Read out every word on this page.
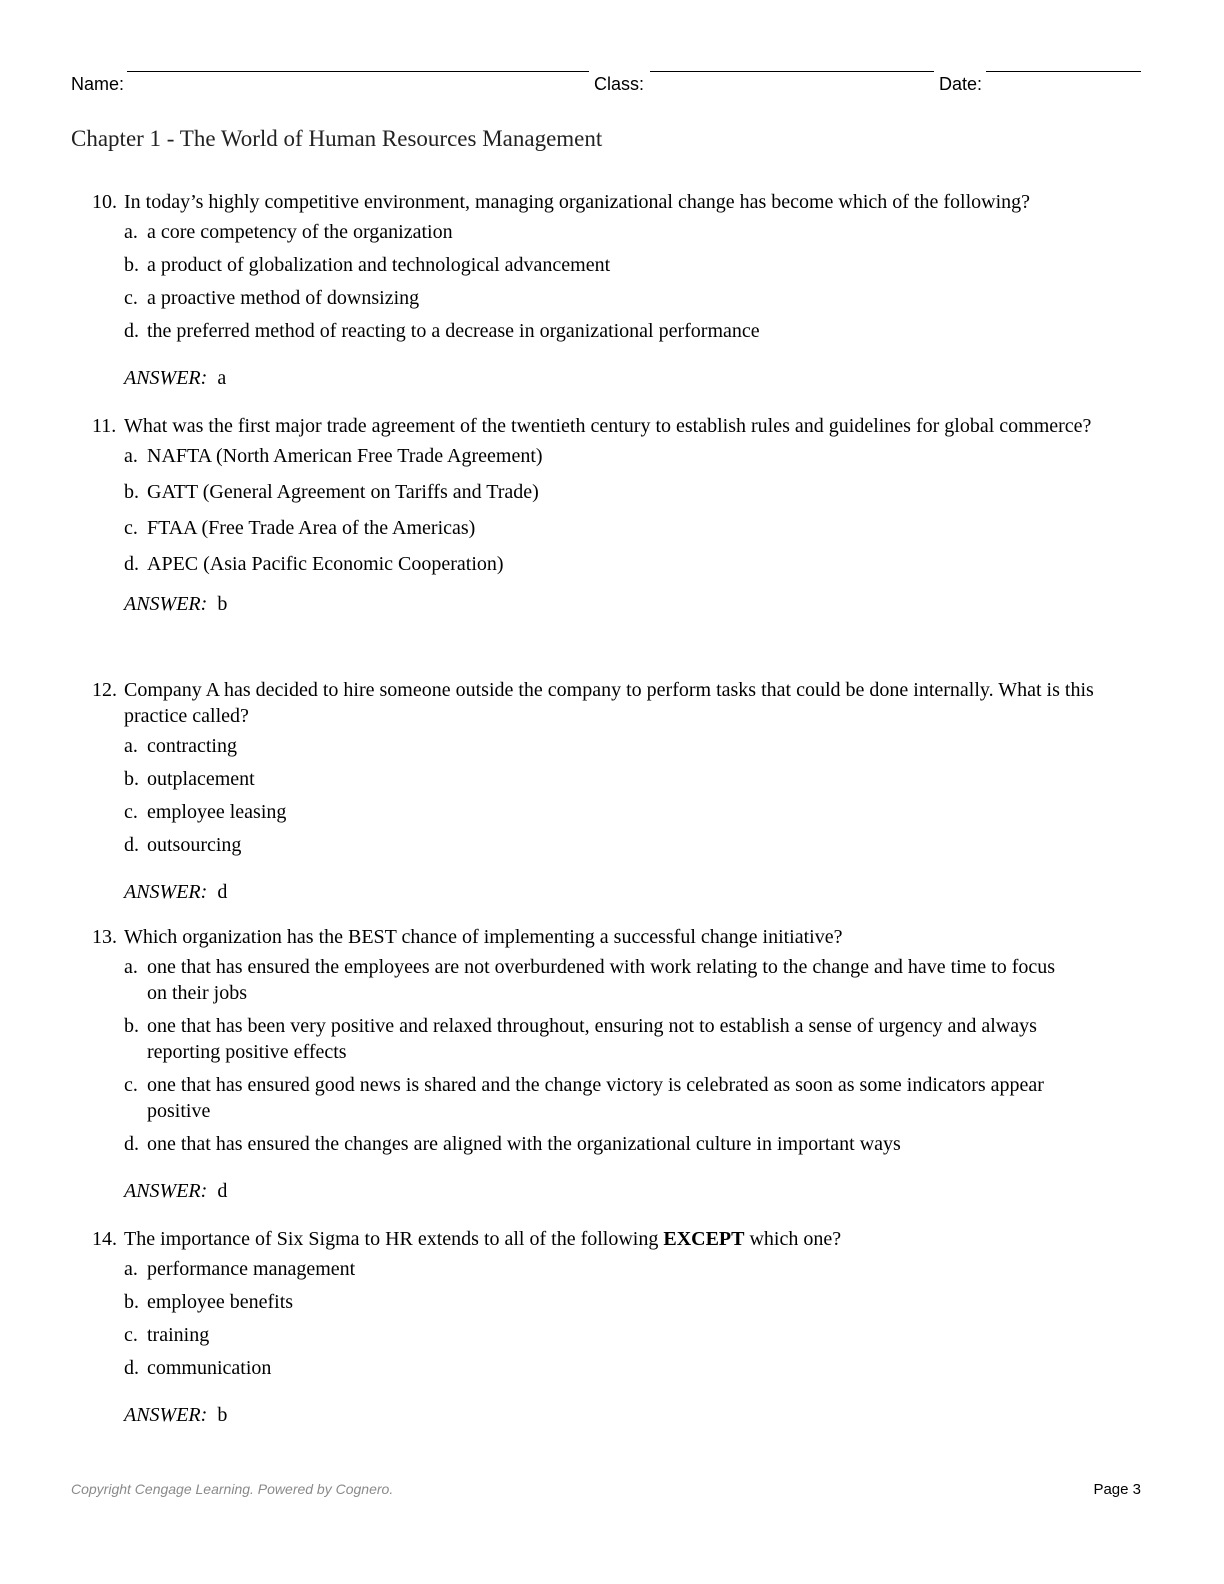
Name:	Class:	Date:
Chapter 1 - The World of Human Resources Management
10. In today’s highly competitive environment, managing organizational change has become which of the following?
a. a core competency of the organization
b. a product of globalization and technological advancement
c. a proactive method of downsizing
d. the preferred method of reacting to a decrease in organizational performance
ANSWER: a
11. What was the first major trade agreement of the twentieth century to establish rules and guidelines for global commerce?
a. NAFTA (North American Free Trade Agreement)
b. GATT (General Agreement on Tariffs and Trade)
c. FTAA (Free Trade Area of the Americas)
d. APEC (Asia Pacific Economic Cooperation)
ANSWER: b
12. Company A has decided to hire someone outside the company to perform tasks that could be done internally. What is this practice called?
a. contracting
b. outplacement
c. employee leasing
d. outsourcing
ANSWER: d
13. Which organization has the BEST chance of implementing a successful change initiative?
a. one that has ensured the employees are not overburdened with work relating to the change and have time to focus on their jobs
b. one that has been very positive and relaxed throughout, ensuring not to establish a sense of urgency and always reporting positive effects
c. one that has ensured good news is shared and the change victory is celebrated as soon as some indicators appear positive
d. one that has ensured the changes are aligned with the organizational culture in important ways
ANSWER: d
14. The importance of Six Sigma to HR extends to all of the following EXCEPT which one?
a. performance management
b. employee benefits
c. training
d. communication
ANSWER: b
Copyright Cengage Learning. Powered by Cognero.	Page 3
